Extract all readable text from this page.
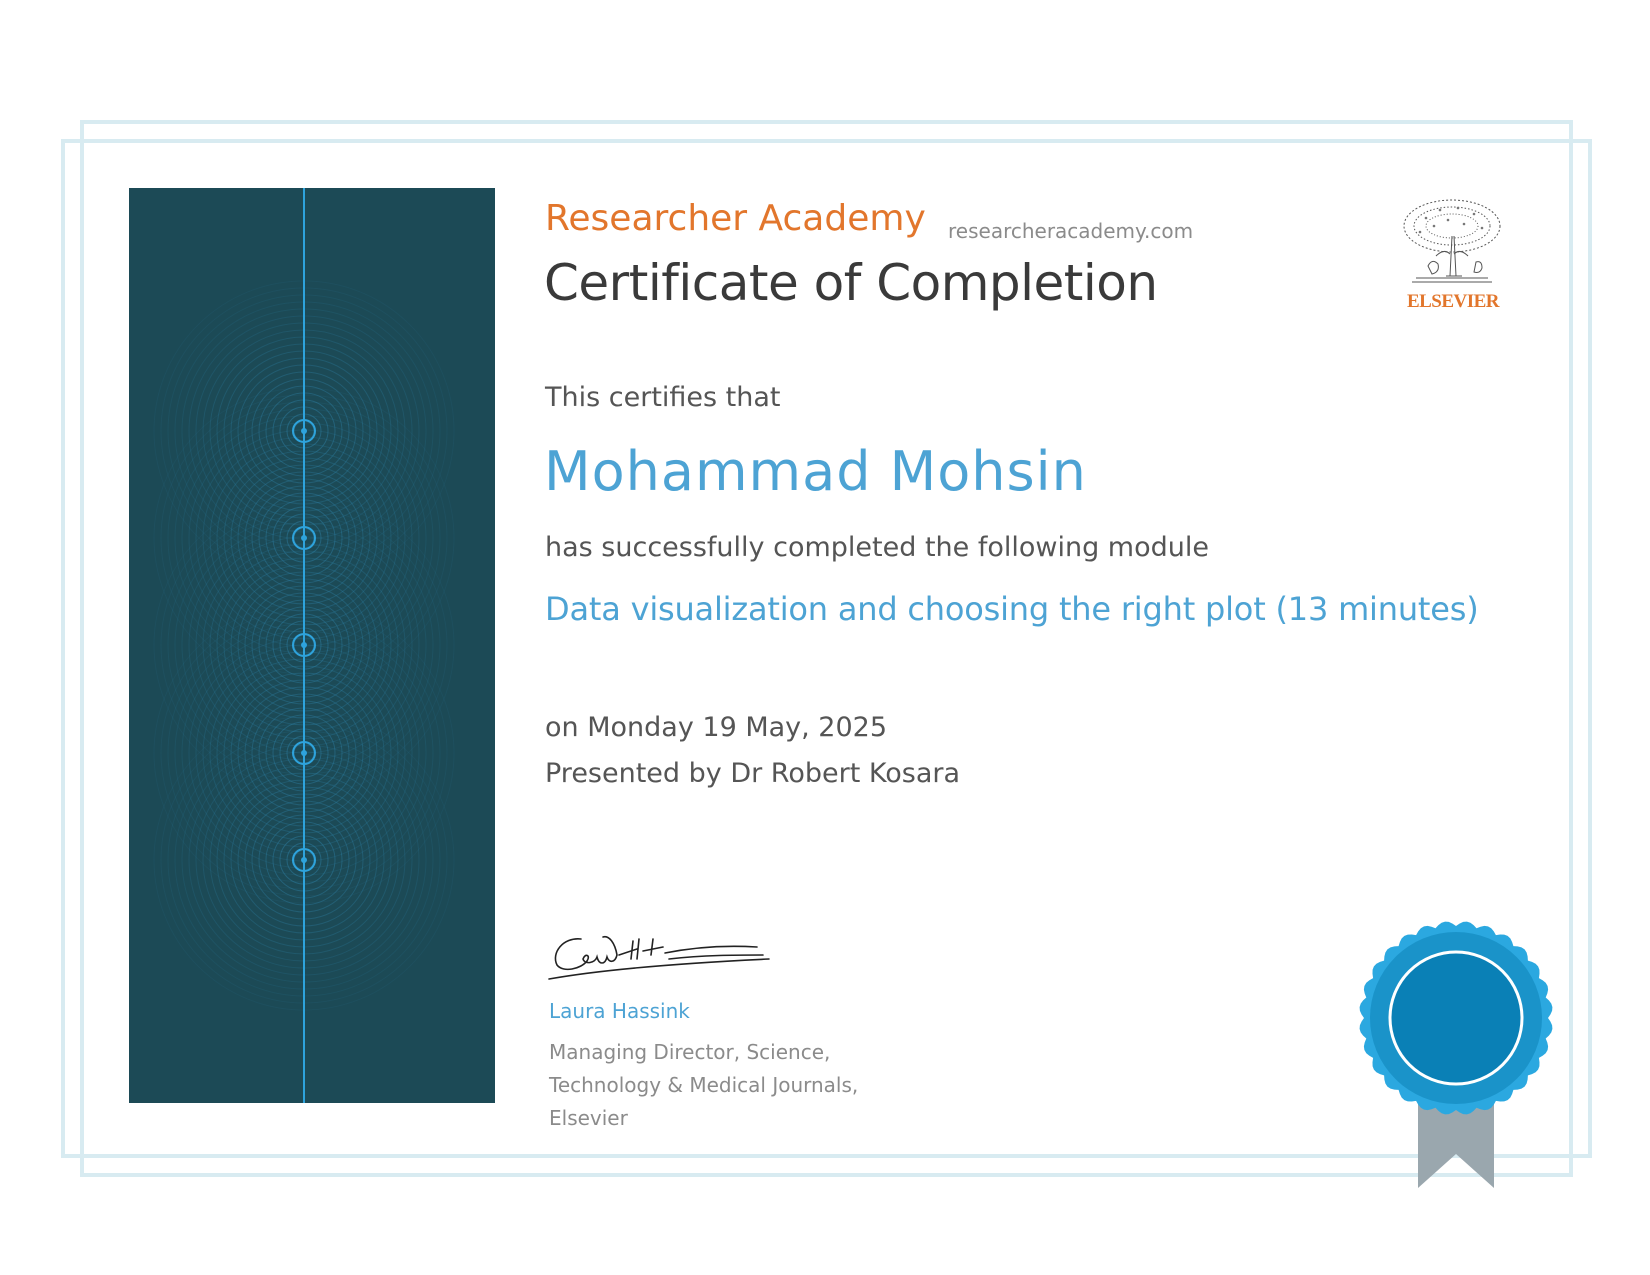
Researcher Academy researcheracademy.com
Certificate of Completion	ELSEVIER
This certifies that
Mohammad Mohsin
has successfully completed the following module
Data visualization and choosing the right plot (13 minutes)
on Monday 19 May, 2025
Presented by Dr Robert Kosara
Laura Hassink
Managing Director, Science, Technology & Medical Journals, Elsevier
